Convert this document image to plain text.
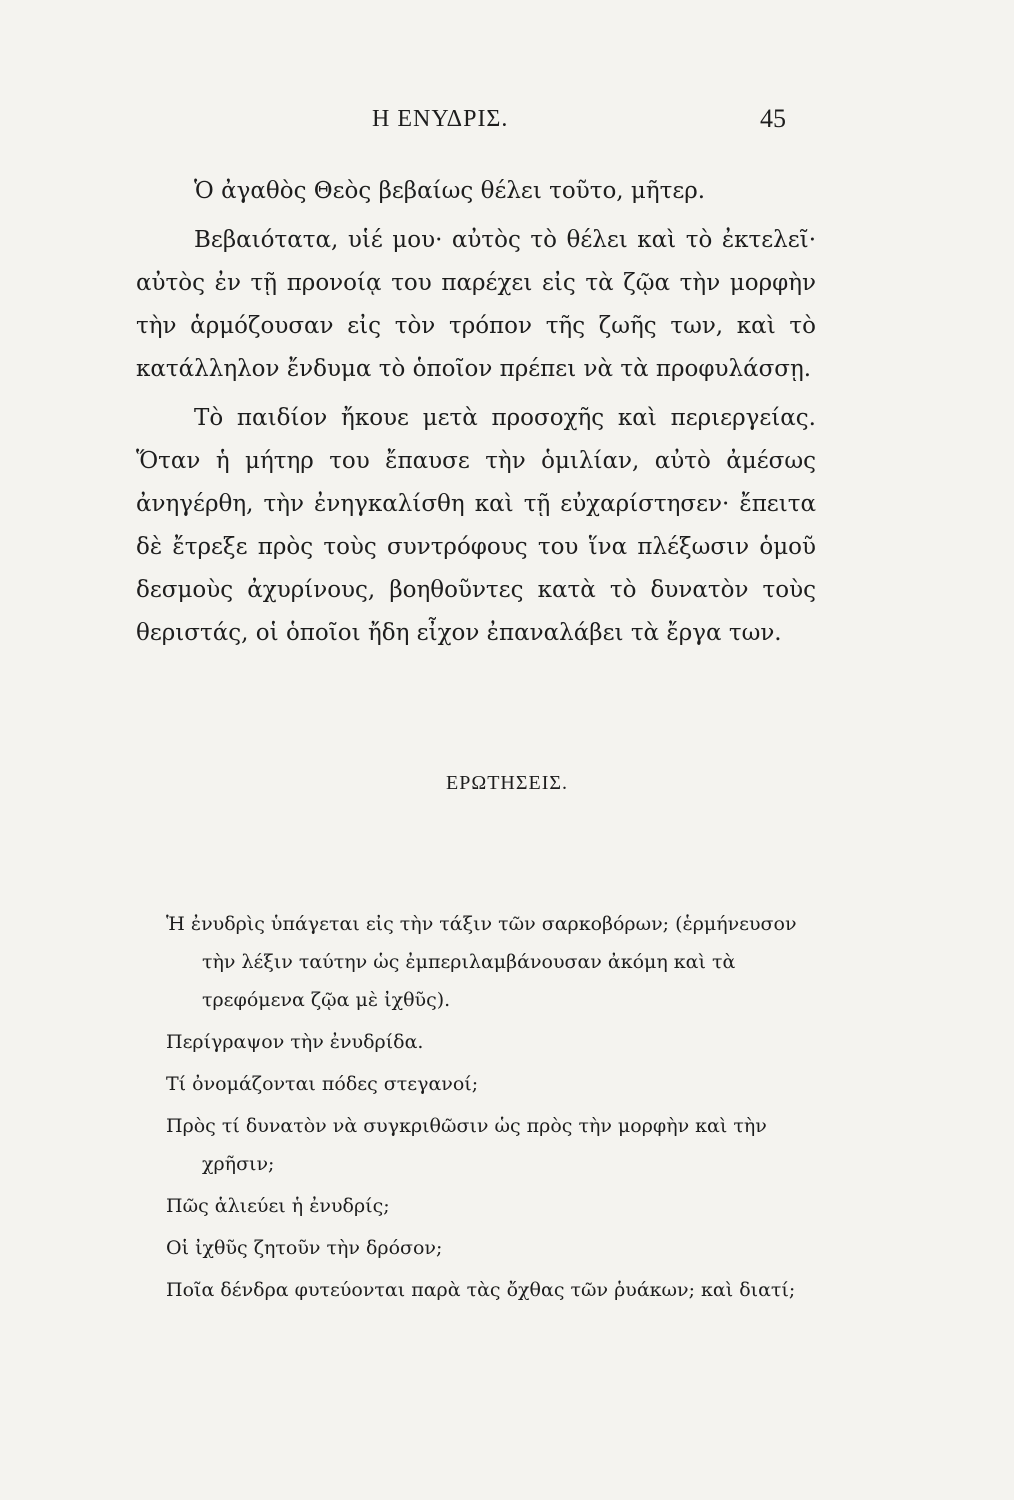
Η ΕΝΥΔΡΙΣ.	45

Ὁ ἀγαθὸς Θεὸς βεβαίως θέλει τοῦτο, μῆτερ.

Βεβαιότατα, υἱέ μου· αὐτὸς τὸ θέλει καὶ τὸ ἐκτελεῖ· αὐτὸς ἐν τῇ προνοίᾳ του παρέχει εἰς τὰ ζῷα τὴν μορφὴν τὴν ἁρμόζουσαν εἰς τὸν τρόπον τῆς ζωῆς των, καὶ τὸ κατάλληλον ἔνδυμα τὸ ὁποῖον πρέπει νὰ τὰ προφυλάσσῃ.

Τὸ παιδίον ἤκουε μετὰ προσοχῆς καὶ περιεργείας. Ὅταν ἡ μήτηρ του ἔπαυσε τὴν ὁμιλίαν, αὐτὸ ἀμέσως ἀνηγέρθη, τὴν ἐνηγκαλίσθη καὶ τῇ εὐχαρίστησεν· ἔπειτα δὲ ἔτρεξε πρὸς τοὺς συντρόφους του ἵνα πλέξωσιν ὁμοῦ δεσμοὺς ἀχυρίνους, βοηθοῦντες κατὰ τὸ δυνατὸν τοὺς θεριστάς, οἱ ὁποῖοι ἤδη εἶχον ἐπαναλάβει τὰ ἔργα των.

ΕΡΩΤΗΣΕΙΣ.
Ἡ ἐνυδρὶς ὑπάγεται εἰς τὴν τάξιν τῶν σαρκοβόρων; (ἑρμήνευσον τὴν λέξιν ταύτην ὡς ἐμπεριλαμβάνουσαν ἀκόμη καὶ τὰ τρεφόμενα ζῷα μὲ ἰχθῦς).
Περίγραψον τὴν ἐνυδρίδα.
Τί ὀνομάζονται πόδες στεγανοί;
Πρὸς τί δυνατὸν νὰ συγκριθῶσιν ὡς πρὸς τὴν μορφὴν καὶ τὴν χρῆσιν;
Πῶς ἁλιεύει ἡ ἐνυδρίς;
Οἱ ἰχθῦς ζητοῦν τὴν δρόσον;
Ποῖα δένδρα φυτεύονται παρὰ τὰς ὄχθας τῶν ῥυάκων; καὶ διατί;
